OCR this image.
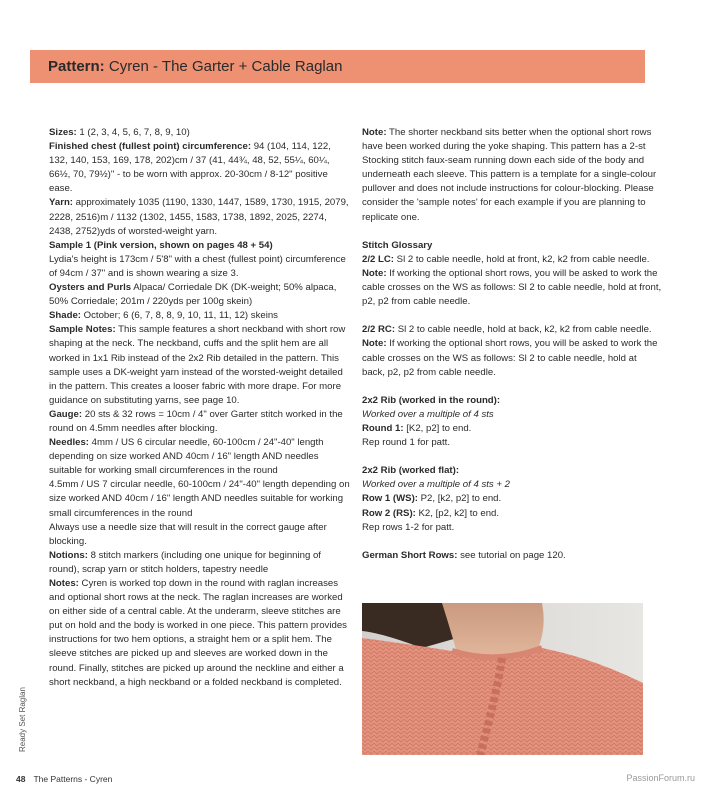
Pattern: Cyren - The Garter + Cable Raglan

Sizes: 1 (2, 3, 4, 5, 6, 7, 8, 9, 10)

Finished chest (fullest point) circumference: 94 (104, 114, 122, 132, 140, 153, 169, 178, 202)cm / 37 (41, 44¾, 48, 52, 55¼, 60¼, 66½, 70, 79½)" - to be worn with approx. 20-30cm / 8-12" positive ease.

Yarn: approximately 1035 (1190, 1330, 1447, 1589, 1730, 1915, 2079, 2228, 2516)m / 1132 (1302, 1455, 1583, 1738, 1892, 2025, 2274, 2438, 2752)yds of worsted-weight yarn.

Sample 1 (Pink version, shown on pages 48 + 54)

Lydia's height is 173cm / 5'8" with a chest (fullest point) circumference of 94cm / 37" and is shown wearing a size 3.

Oysters and Purls Alpaca/ Corriedale DK (DK-weight; 50% alpaca, 50% Corriedale; 201m / 220yds per 100g skein)

Shade: October; 6 (6, 7, 8, 8, 9, 10, 11, 11, 12) skeins

Sample Notes: This sample features a short neckband with short row shaping at the neck. The neckband, cuffs and the split hem are all worked in 1x1 Rib instead of the 2x2 Rib detailed in the pattern. This sample uses a DK-weight yarn instead of the worsted-weight detailed in the pattern. This creates a looser fabric with more drape. For more guidance on substituting yarns, see page 10.

Gauge: 20 sts & 32 rows = 10cm / 4" over Garter stitch worked in the round on 4.5mm needles after blocking.

Needles: 4mm / US 6 circular needle, 60-100cm / 24"-40" length depending on size worked AND 40cm / 16" length AND needles suitable for working small circumferences in the round

4.5mm / US 7 circular needle, 60-100cm / 24"-40" length depending on size worked AND 40cm / 16" length AND needles suitable for working small circumferences in the round

Always use a needle size that will result in the correct gauge after blocking.

Notions: 8 stitch markers (including one unique for beginning of round), scrap yarn or stitch holders, tapestry needle

Notes: Cyren is worked top down in the round with raglan increases and optional short rows at the neck. The raglan increases are worked on either side of a central cable. At the underarm, sleeve stitches are put on hold and the body is worked in one piece. This pattern provides instructions for two hem options, a straight hem or a split hem. The sleeve stitches are picked up and sleeves are worked down in the round. Finally, stitches are picked up around the neckline and either a short neckband, a high neckband or a folded neckband is completed.

Note: The shorter neckband sits better when the optional short rows have been worked during the yoke shaping. This pattern has a 2-st Stocking stitch faux-seam running down each side of the body and underneath each sleeve. This pattern is a template for a single-colour pullover and does not include instructions for colour-blocking. Please consider the 'sample notes' for each example if you are planning to replicate one.

Stitch Glossary

2/2 LC: Sl 2 to cable needle, hold at front, k2, k2 from cable needle. Note: If working the optional short rows, you will be asked to work the cable crosses on the WS as follows: Sl 2 to cable needle, hold at front, p2, p2 from cable needle.

2/2 RC: Sl 2 to cable needle, hold at back, k2, k2 from cable needle. Note: If working the optional short rows, you will be asked to work the cable crosses on the WS as follows: Sl 2 to cable needle, hold at back, p2, p2 from cable needle.

2x2 Rib (worked in the round):

Worked over a multiple of 4 sts

Round 1: [K2, p2] to end.

Rep round 1 for patt.

2x2 Rib (worked flat):

Worked over a multiple of 4 sts + 2

Row 1 (WS): P2, [k2, p2] to end.

Row 2 (RS): K2, [p2, k2] to end.

Rep rows 1-2 for patt.

German Short Rows: see tutorial on page 120.

Ready Set Raglan
48 The Patterns - Cyren	PassionForum.ru
